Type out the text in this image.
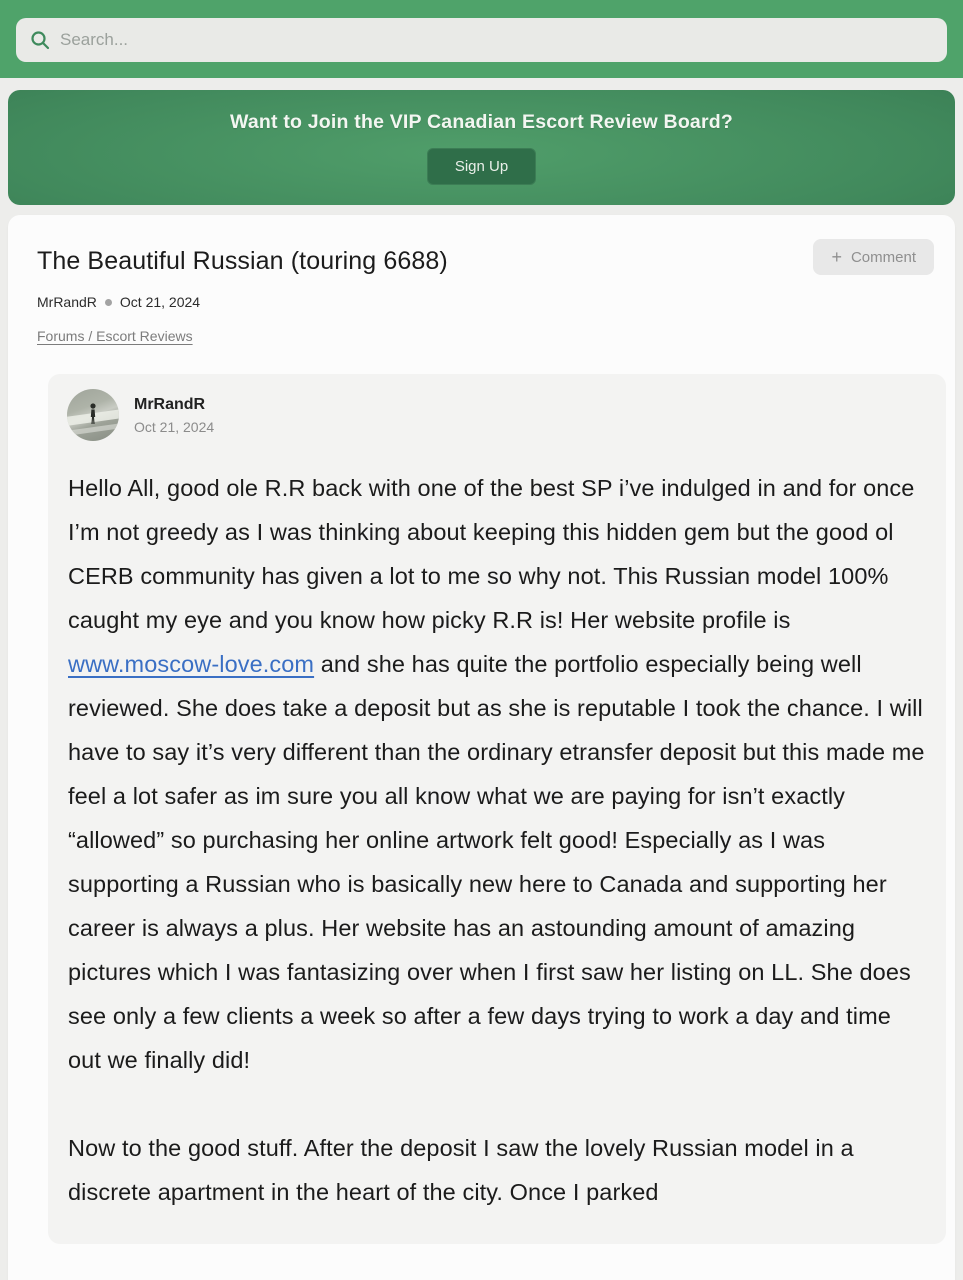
Search...
Want to Join the VIP Canadian Escort Review Board?
Sign Up
The Beautiful Russian (touring 6688)	+ Comment
MrRandR Oct 21, 2024
Forums / Escort Reviews
MrRandR
Oct 21, 2024

Hello All, good ole R.R back with one of the best SP i’ve indulged in and for once I’m not greedy as I was thinking about keeping this hidden gem but the good ol CERB community has given a lot to me so why not. This Russian model 100% caught my eye and you know how picky R.R is! Her website profile is www.moscow-love.com and she has quite the portfolio especially being well reviewed. She does take a deposit but as she is reputable I took the chance. I will have to say it’s very different than the ordinary etransfer deposit but this made me feel a lot safer as im sure you all know what we are paying for isn’t exactly “allowed” so purchasing her online artwork felt good! Especially as I was supporting a Russian who is basically new here to Canada and supporting her career is always a plus. Her website has an astounding amount of amazing pictures which I was fantasizing over when I first saw her listing on LL. She does see only a few clients a week so after a few days trying to work a day and time out we finally did!

Now to the good stuff. After the deposit I saw the lovely Russian model in a discrete apartment in the heart of the city. Once I parked
